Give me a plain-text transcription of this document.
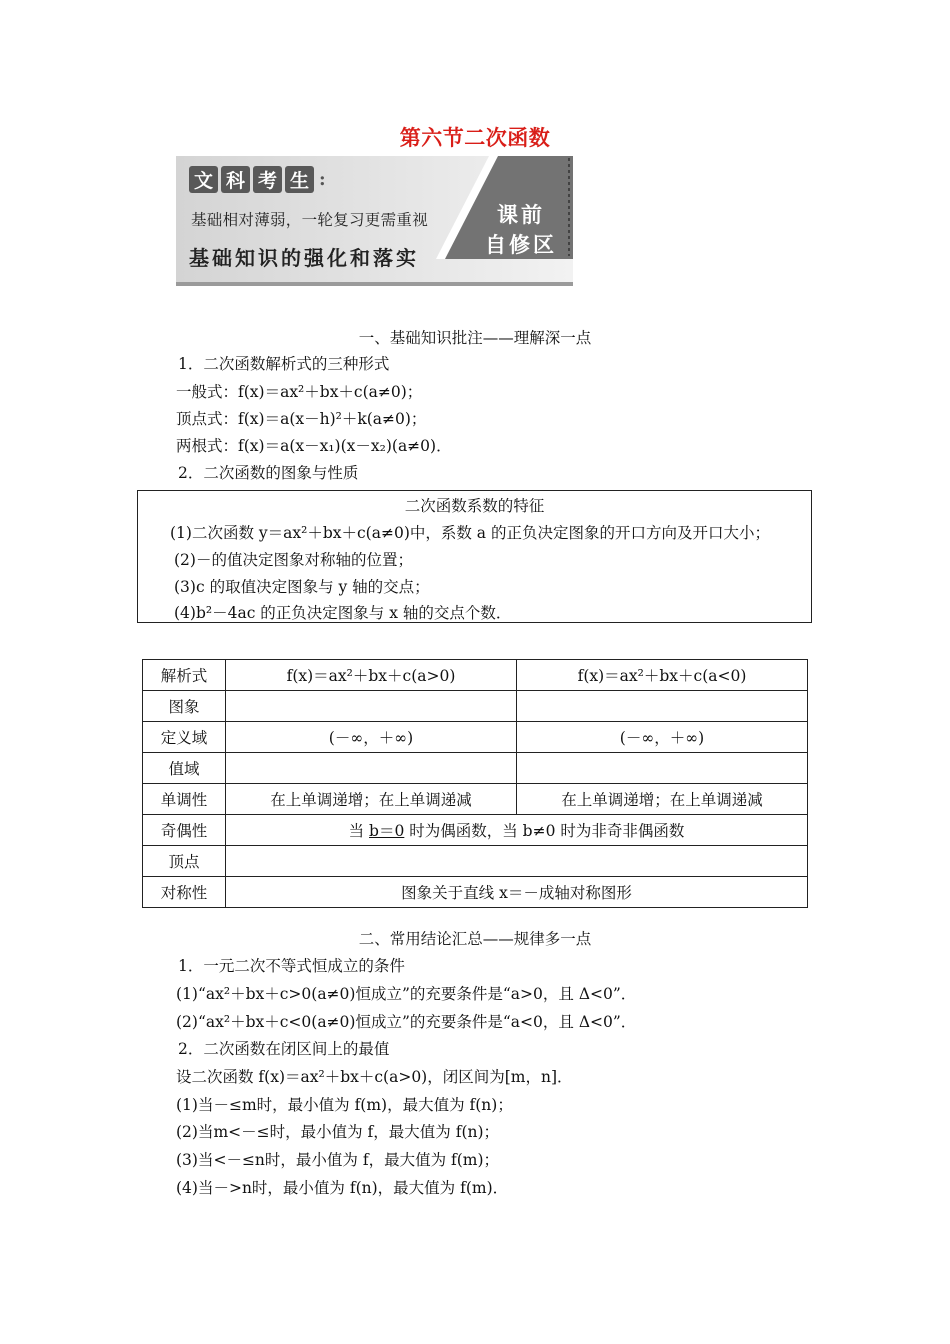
第六节二次函数
文 科 考 生 :
基础相对薄弱，一轮复习更需重视
基础知识的强化和落实
课前
自修区
一、基础知识批注——理解深一点
1．二次函数解析式的三种形式
一般式：f(x)＝ax²＋bx＋c(a≠0)；
顶点式：f(x)＝a(x－h)²＋k(a≠0)；
两根式：f(x)＝a(x－x₁)(x－x₂)(a≠0)．
2．二次函数的图象与性质
二次函数系数的特征
(1)二次函数 y＝ax²＋bx＋c(a≠0)中，系数 a 的正负决定图象的开口方向及开口大小；
(2)－的值决定图象对称轴的位置；
(3)c 的取值决定图象与 y 轴的交点；
(4)b²－4ac 的正负决定图象与 x 轴的交点个数．
解析式	f(x)＝ax²＋bx＋c(a>0)	f(x)＝ax²＋bx＋c(a<0)
图象		
定义域	(－∞，＋∞)	(－∞，＋∞)
值域		
单调性	在上单调递增；在上单调递减	在上单调递增；在上单调递减
奇偶性	当 b＝0 时为偶函数，当 b≠0 时为非奇非偶函数	
顶点		
对称性	图象关于直线 x＝－成轴对称图形	
二、常用结论汇总——规律多一点
1．一元二次不等式恒成立的条件
(1)“ax²＋bx＋c>0(a≠0)恒成立”的充要条件是“a>0，且 Δ<0”．
(2)“ax²＋bx＋c<0(a≠0)恒成立”的充要条件是“a<0，且 Δ<0”．
2．二次函数在闭区间上的最值
设二次函数 f(x)＝ax²＋bx＋c(a>0)，闭区间为[m，n]．
(1)当－≤m时，最小值为 f(m)，最大值为 f(n)；
(2)当m<－≤时，最小值为 f，最大值为 f(n)；
(3)当<－≤n时，最小值为 f，最大值为 f(m)；
(4)当－>n时，最小值为 f(n)，最大值为 f(m)．
